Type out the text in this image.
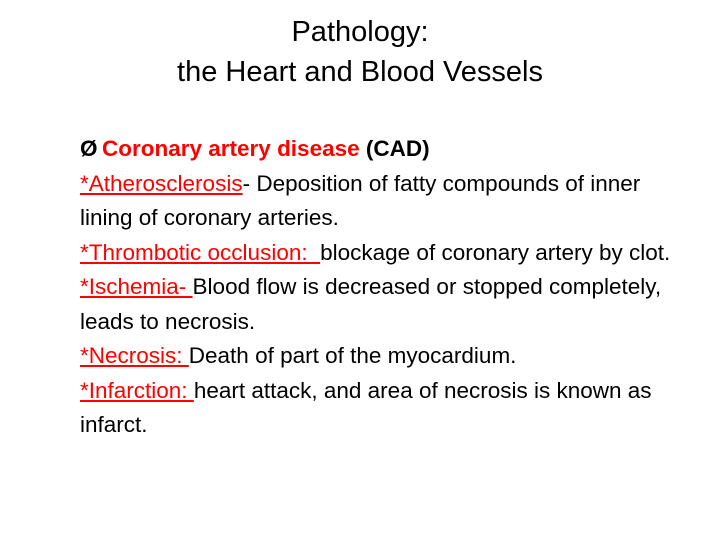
Pathology:
the Heart and Blood Vessels

Ø Coronary artery disease (CAD)

*Atherosclerosis- Deposition of fatty compounds of inner lining of coronary arteries.

*Thrombotic occlusion:  blockage of coronary artery by clot.

*Ischemia- Blood flow is decreased or stopped completely, leads to necrosis.

*Necrosis: Death of part of the myocardium.

*Infarction: heart attack, and area of necrosis is known as infarct.
